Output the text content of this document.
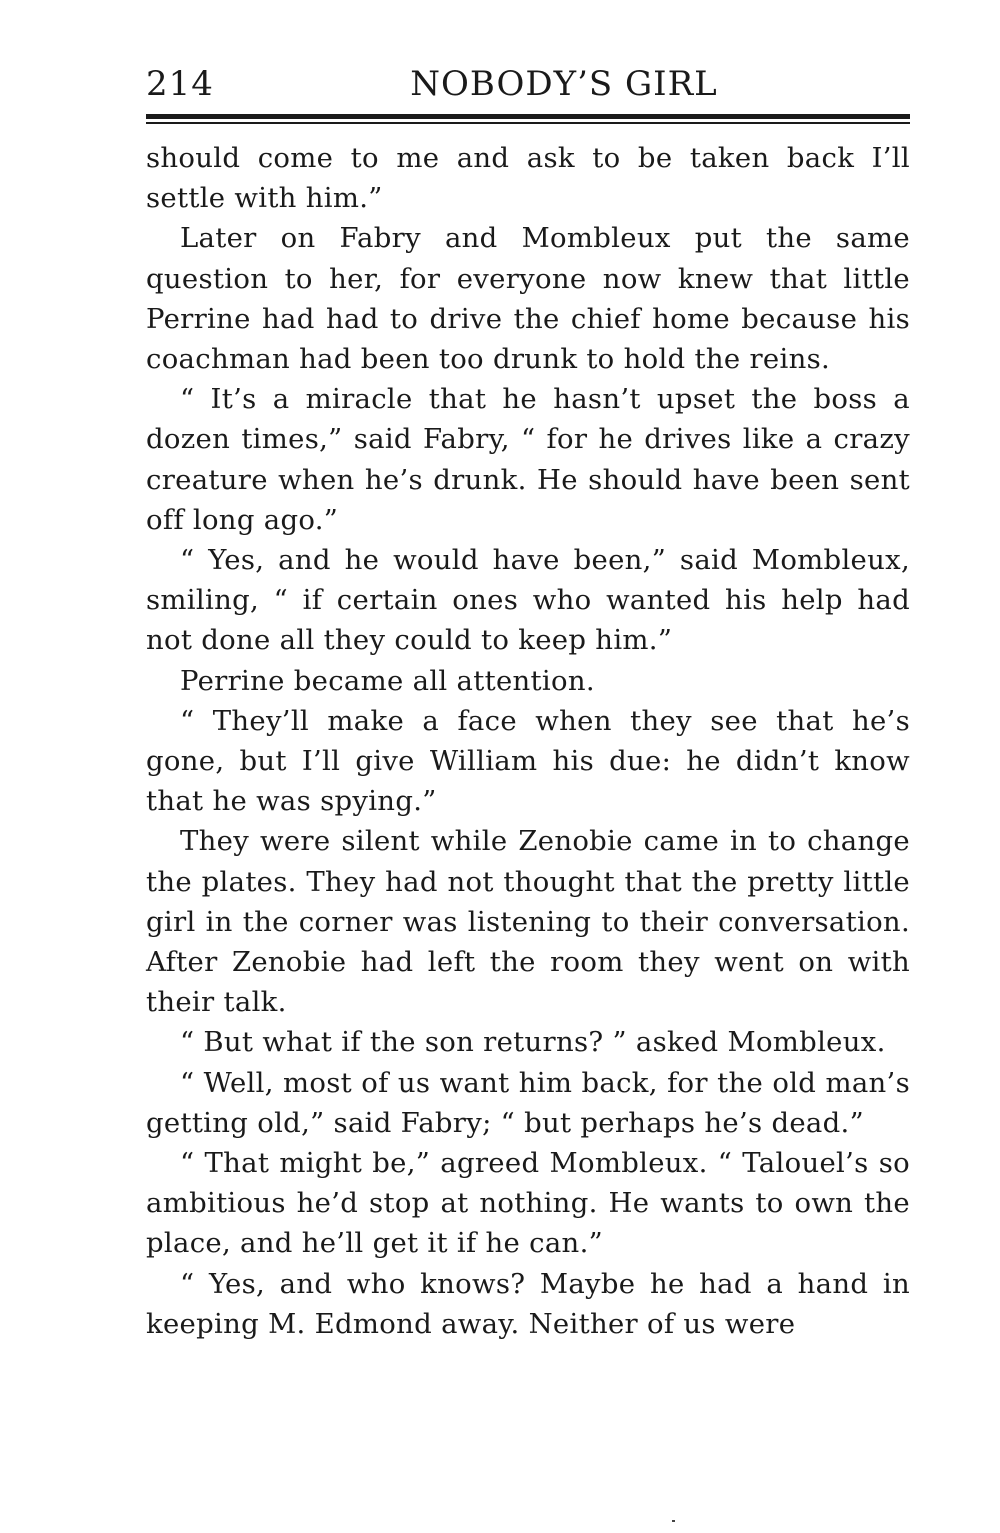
214	NOBODY’S GIRL

should come to me and ask to be taken back I’ll settle with him.”

Later on Fabry and Mombleux put the same question to her, for everyone now knew that little Perrine had had to drive the chief home because his coachman had been too drunk to hold the reins.

“ It’s a miracle that he hasn’t upset the boss a dozen times,” said Fabry, “ for he drives like a crazy creature when he’s drunk. He should have been sent off long ago.”

“ Yes, and he would have been,” said Mombleux, smiling, “ if certain ones who wanted his help had not done all they could to keep him.”

Perrine became all attention.

“ They’ll make a face when they see that he’s gone, but I’ll give William his due: he didn’t know that he was spying.”

They were silent while Zenobie came in to change the plates. They had not thought that the pretty little girl in the corner was listening to their conversation. After Zenobie had left the room they went on with their talk.

“ But what if the son returns? ” asked Mombleux.

“ Well, most of us want him back, for the old man’s getting old,” said Fabry; “ but perhaps he’s dead.”

“ That might be,” agreed Mombleux. “ Talouel’s so ambitious he’d stop at nothing. He wants to own the place, and he’ll get it if he can.”

“ Yes, and who knows? Maybe he had a hand in keeping M. Edmond away. Neither of us were
